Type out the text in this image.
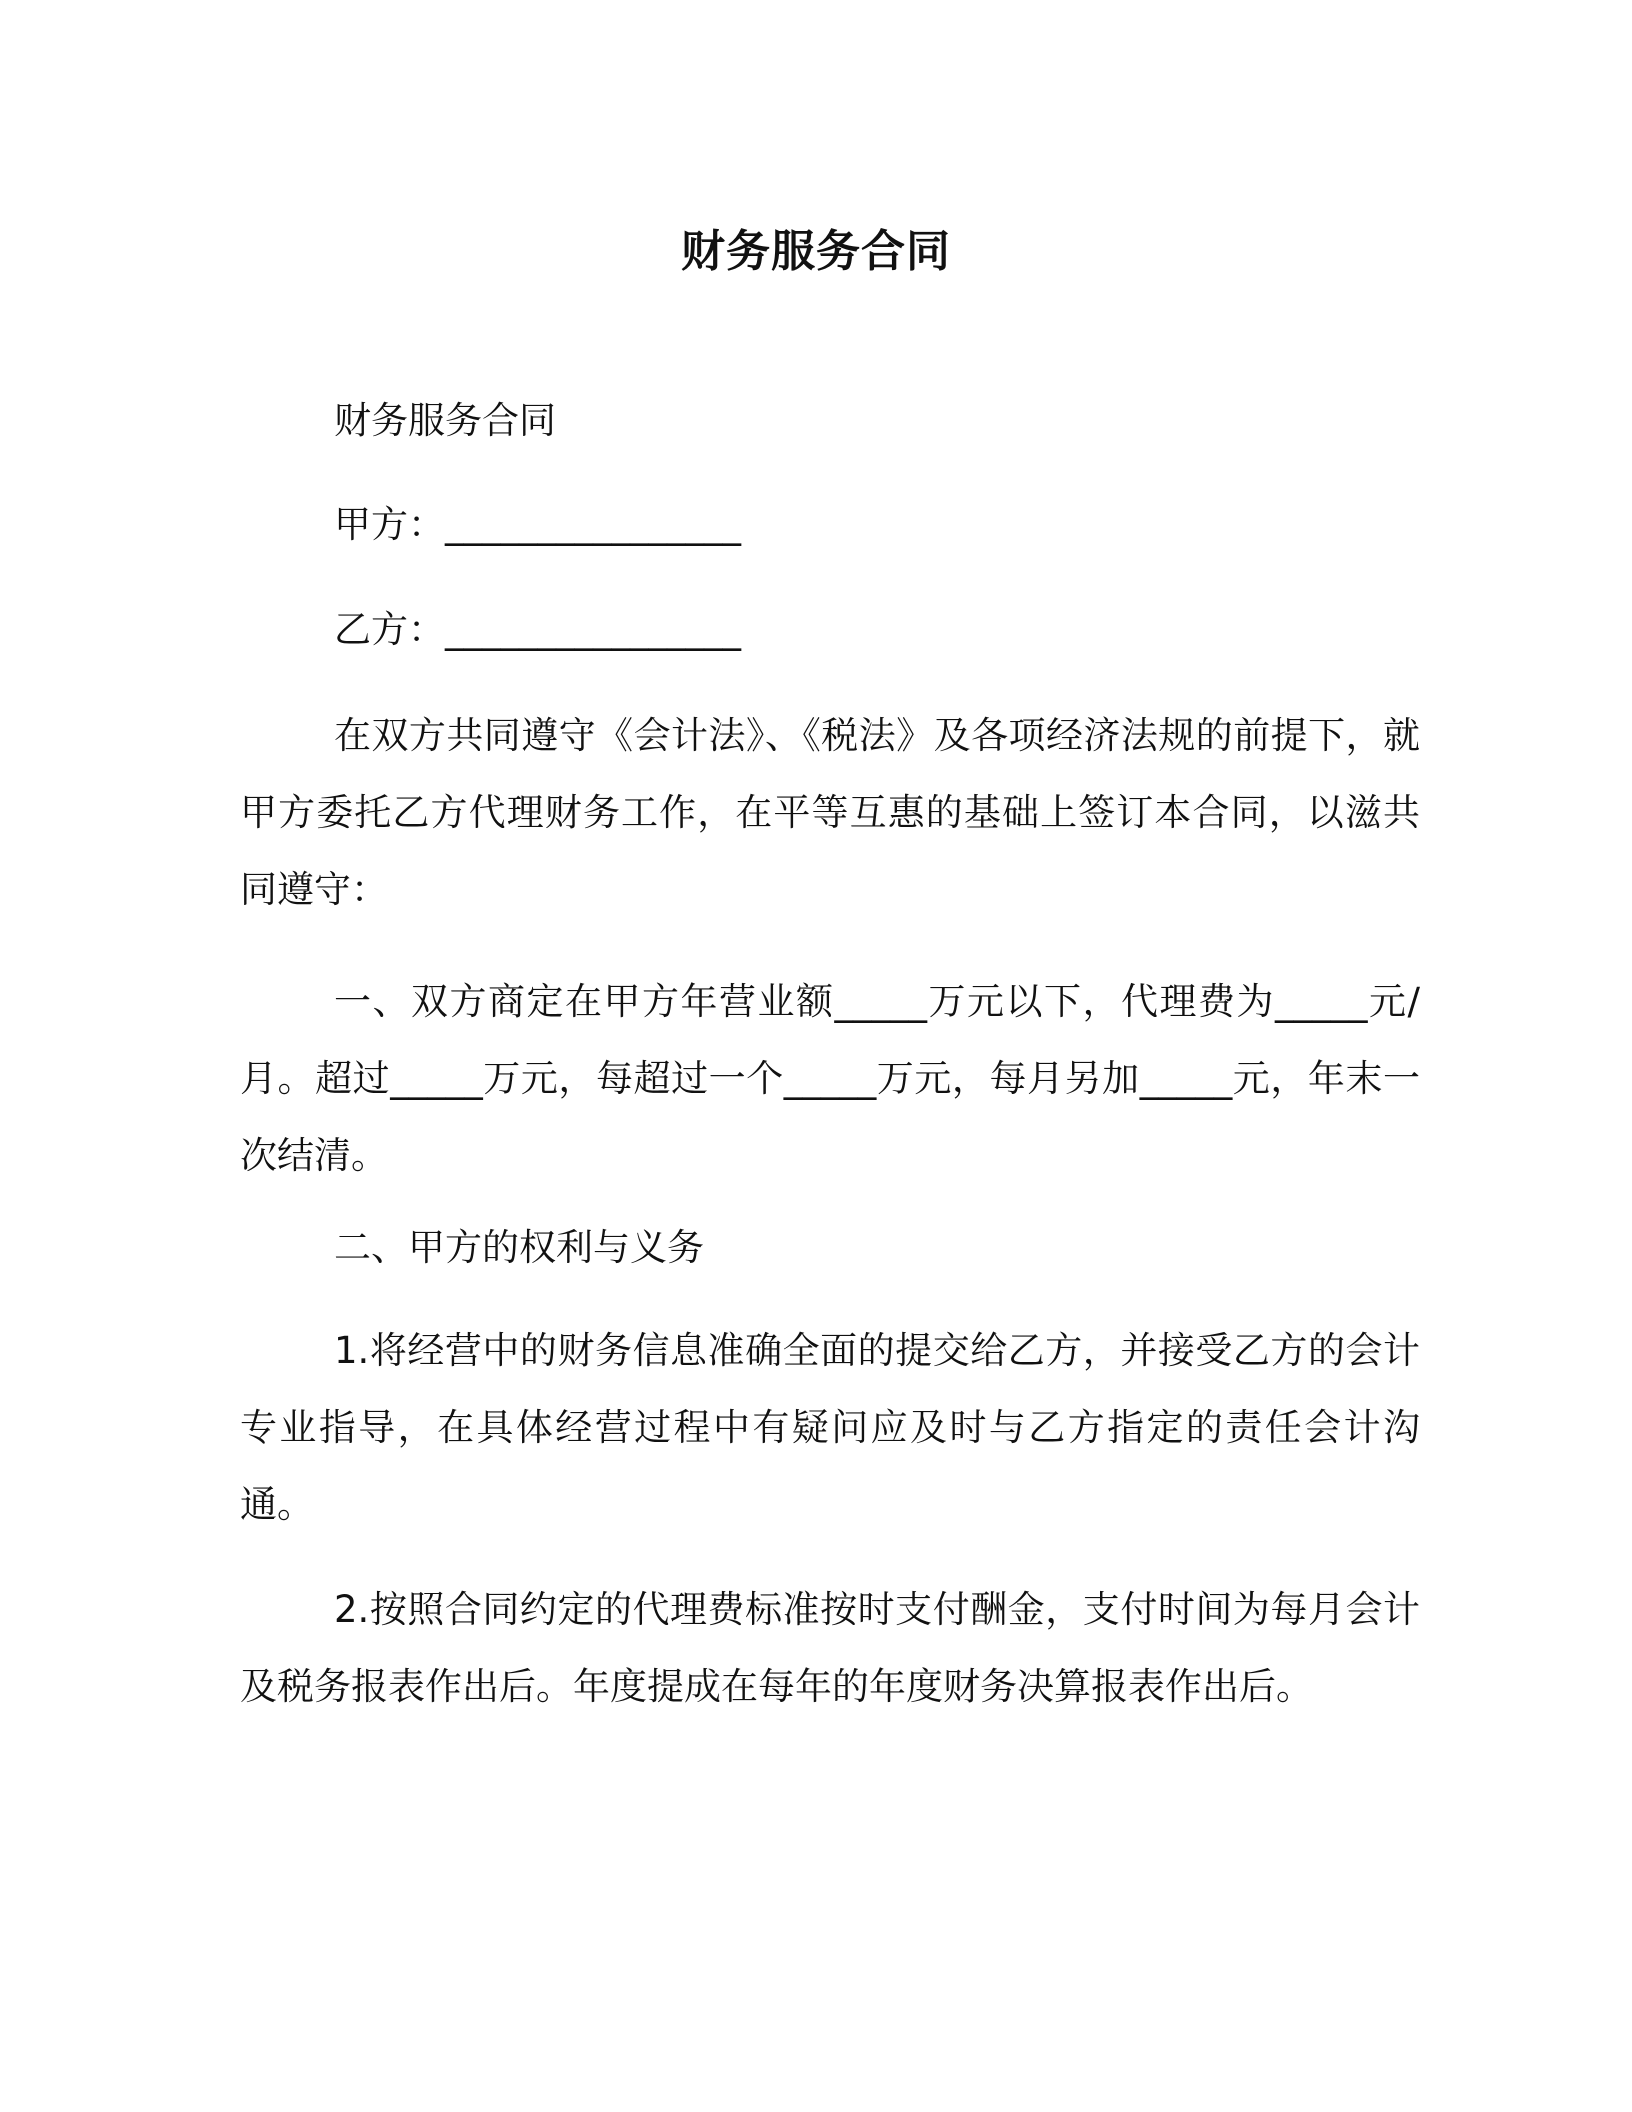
财务服务合同
财务服务合同
甲方：________________
乙方：________________
在双方共同遵守《会计法》、《税法》及各项经济法规的前提下，就甲方委托乙方代理财务工作，在平等互惠的基础上签订本合同，以滋共同遵守：
一、双方商定在甲方年营业额_____万元以下，代理费为_____元/月。超过_____万元，每超过一个_____万元，每月另加_____元，年末一次结清。
二、甲方的权利与义务
1.将经营中的财务信息准确全面的提交给乙方，并接受乙方的会计专业指导，在具体经营过程中有疑问应及时与乙方指定的责任会计沟通。
2.按照合同约定的代理费标准按时支付酬金，支付时间为每月会计及税务报表作出后。年度提成在每年的年度财务决算报表作出后。
